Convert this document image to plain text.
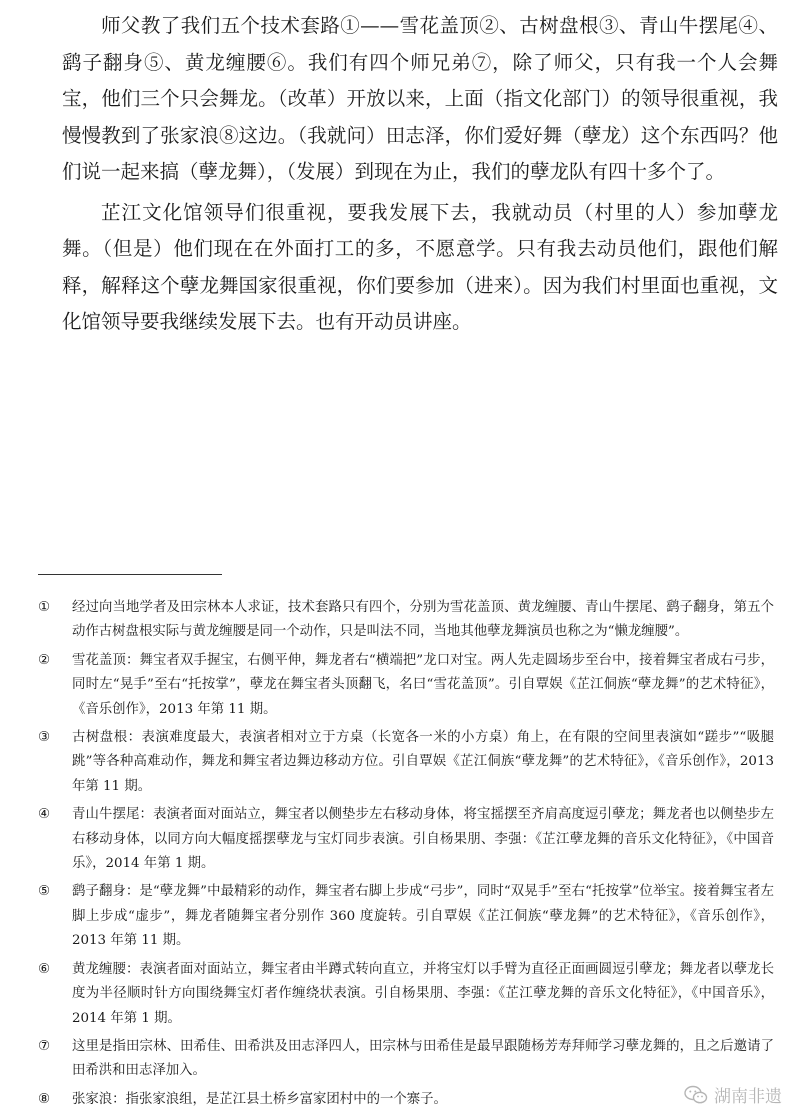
师父教了我们五个技术套路①——雪花盖顶②、古树盘根③、青山牛摆尾④、鹞子翻身⑤、黄龙缠腰⑥。我们有四个师兄弟⑦，除了师父，只有我一个人会舞宝，他们三个只会舞龙。（改革）开放以来，上面（指文化部门）的领导很重视，我慢慢教到了张家浪⑧这边。（我就问）田志泽，你们爱好舞（孽龙）这个东西吗？他们说一起来搞（孽龙舞），（发展）到现在为止，我们的孽龙队有四十多个了。

芷江文化馆领导们很重视，要我发展下去，我就动员（村里的人）参加孽龙舞。（但是）他们现在在外面打工的多，不愿意学。只有我去动员他们，跟他们解释，解释这个孽龙舞国家很重视，你们要参加（进来）。因为我们村里面也重视，文化馆领导要我继续发展下去。也有开动员讲座。

①	经过向当地学者及田宗林本人求证，技术套路只有四个，分别为雪花盖顶、黄龙缠腰、青山牛摆尾、鹞子翻身，第五个动作古树盘根实际与黄龙缠腰是同一个动作，只是叫法不同，当地其他孽龙舞演员也称之为“懒龙缠腰”。
②	雪花盖顶：舞宝者双手握宝，右侧平伸，舞龙者右“横端把”龙口对宝。两人先走圆场步至台中，接着舞宝者成右弓步，同时左“晃手”至右“托按掌”，孽龙在舞宝者头顶翻飞，名曰“雪花盖顶”。引自覃娱《芷江侗族“孽龙舞”的艺术特征》，《音乐创作》，2013 年第 11 期。
③	古树盘根：表演难度最大，表演者相对立于方桌（长宽各一米的小方桌）角上，在有限的空间里表演如“蹉步”“吸腿跳”等各种高难动作，舞龙和舞宝者边舞边移动方位。引自覃娱《芷江侗族“孽龙舞”的艺术特征》，《音乐创作》，2013 年第 11 期。
④	青山牛摆尾：表演者面对面站立，舞宝者以侧垫步左右移动身体，将宝摇摆至齐肩高度逗引孽龙；舞龙者也以侧垫步左右移动身体，以同方向大幅度摇摆孽龙与宝灯同步表演。引自杨果朋、李强：《芷江孽龙舞的音乐文化特征》，《中国音乐》，2014 年第 1 期。
⑤	鹞子翻身：是“孽龙舞”中最精彩的动作，舞宝者右脚上步成“弓步”，同时“双晃手”至右“托按掌”位举宝。接着舞宝者左脚上步成“虚步”，舞龙者随舞宝者分别作 360 度旋转。引自覃娱《芷江侗族“孽龙舞”的艺术特征》，《音乐创作》，2013 年第 11 期。
⑥	黄龙缠腰：表演者面对面站立，舞宝者由半蹲式转向直立，并将宝灯以手臂为直径正面画圆逗引孽龙；舞龙者以孽龙长度为半径顺时针方向围绕舞宝灯者作缠绕状表演。引自杨果朋、李强：《芷江孽龙舞的音乐文化特征》，《中国音乐》，2014 年第 1 期。
⑦	这里是指田宗林、田希佳、田希洪及田志泽四人，田宗林与田希佳是最早跟随杨芳寿拜师学习孽龙舞的，且之后邀请了田希洪和田志泽加入。
⑧	张家浪：指张家浪组，是芷江县土桥乡富家团村中的一个寨子。	湖南非遗
